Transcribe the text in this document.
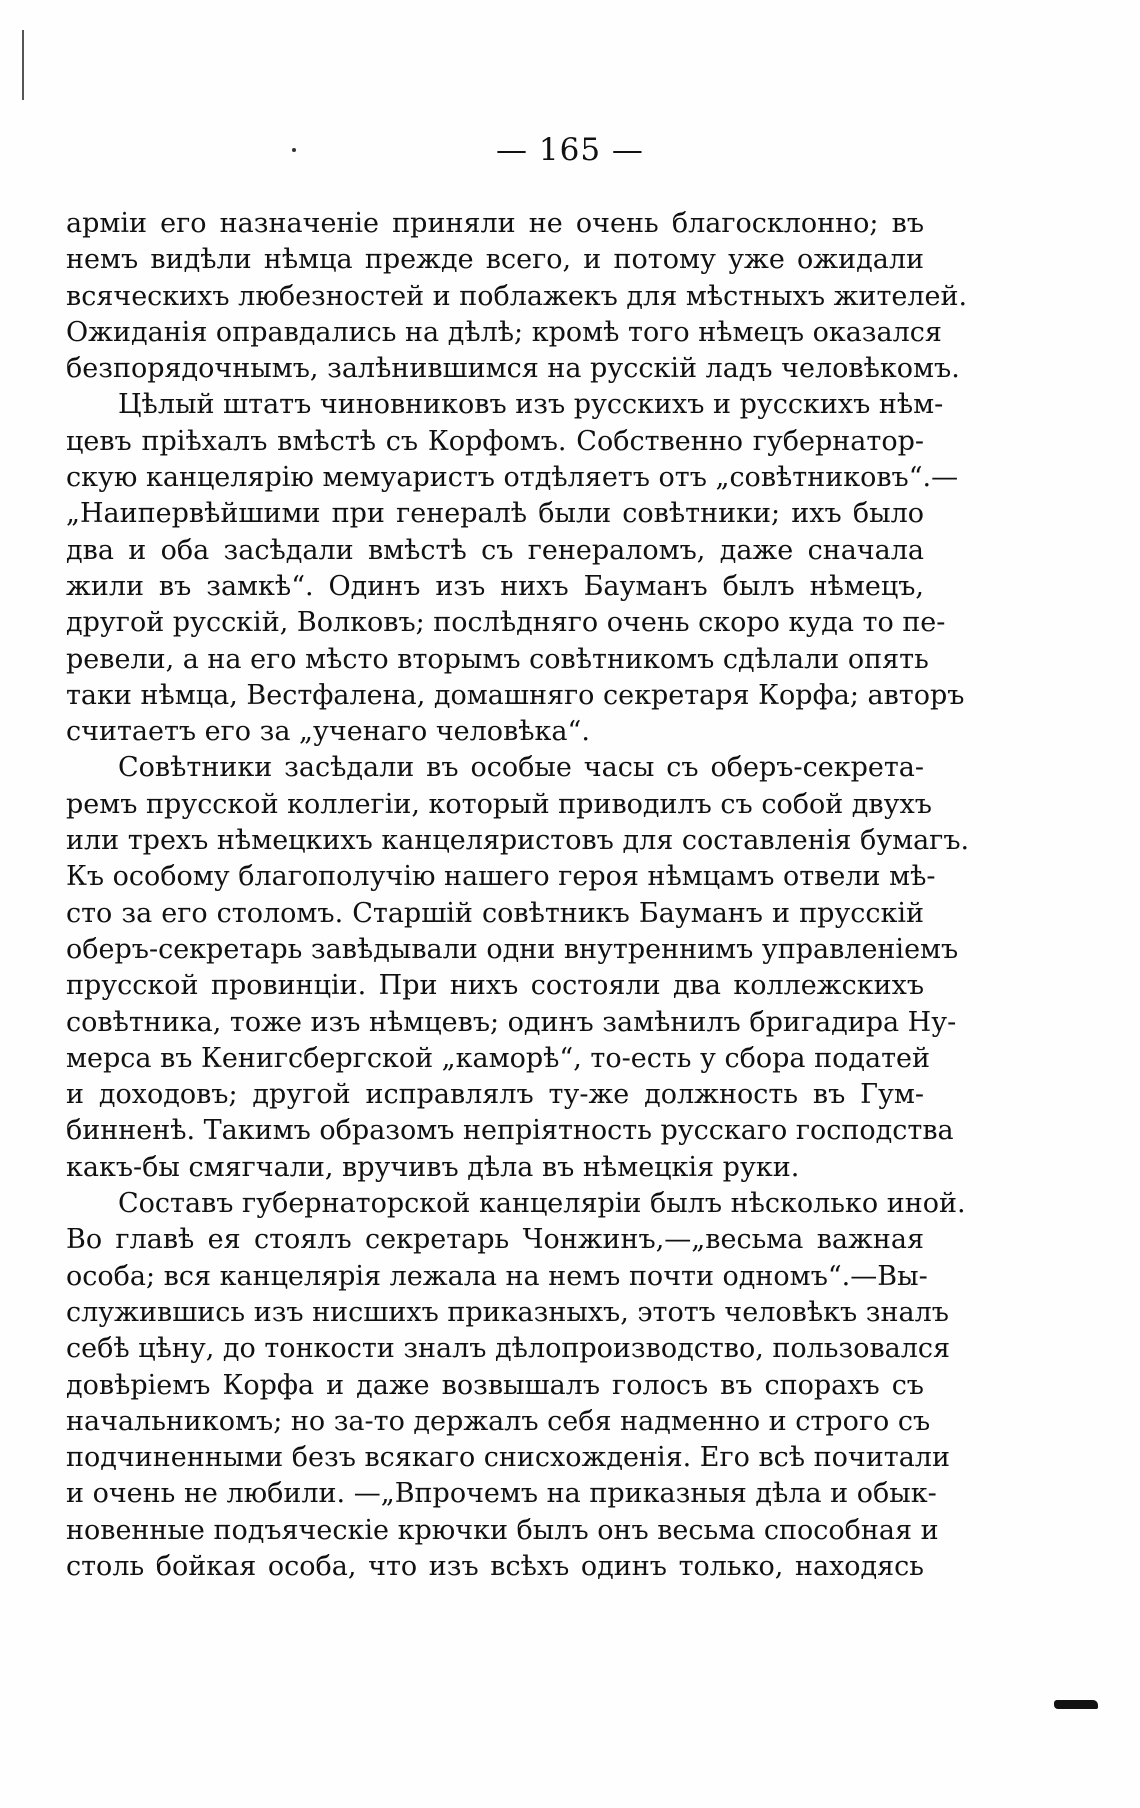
— 165 —
арміи его назначеніе приняли не очень благосклонно; въ
немъ видѣли нѣмца прежде всего, и потому уже ожидали
всяческихъ любезностей и поблажекъ для мѣстныхъ жителей.
Ожиданія оправдались на дѣлѣ; кромѣ того нѣмецъ оказался
безпорядочнымъ, залѣнившимся на русскій ладъ человѣкомъ.
Цѣлый штатъ чиновниковъ изъ русскихъ и русскихъ нѣм-
цевъ пріѣхалъ вмѣстѣ съ Корфомъ. Собственно губернатор-
скую канцелярію мемуаристъ отдѣляетъ отъ „совѣтниковъ“.—
„Наипервѣйшими при генералѣ были совѣтники; ихъ было
два и оба засѣдали вмѣстѣ съ генераломъ, даже сначала
жили въ замкѣ“. Одинъ изъ нихъ Бауманъ былъ нѣмецъ,
другой русскій, Волковъ; послѣдняго очень скоро куда то пе-
ревели, а на его мѣсто вторымъ совѣтникомъ сдѣлали опять
таки нѣмца, Вестфалена, домашняго секретаря Корфа; авторъ
считаетъ его за „ученаго человѣка“.
Совѣтники засѣдали въ особые часы съ оберъ-секрета-
ремъ прусской коллегіи, который приводилъ съ собой двухъ
или трехъ нѣмецкихъ канцеляристовъ для составленія бумагъ.
Къ особому благополучію нашего героя нѣмцамъ отвели мѣ-
сто за его столомъ. Старшій совѣтникъ Бауманъ и прусскій
оберъ-секретарь завѣдывали одни внутреннимъ управленіемъ
прусской провинціи. При нихъ состояли два коллежскихъ
совѣтника, тоже изъ нѣмцевъ; одинъ замѣнилъ бригадира Ну-
мерса въ Кенигсбергской „каморѣ“, то-есть у сбора податей
и доходовъ; другой исправлялъ ту-же должность въ Гум-
бинненѣ. Такимъ образомъ непріятность русскаго господства
какъ-бы смягчали, вручивъ дѣла въ нѣмецкія руки.
Составъ губернаторской канцеляріи былъ нѣсколько иной.
Во главѣ ея стоялъ секретарь Чонжинъ,—„весьма важная
особа; вся канцелярія лежала на немъ почти одномъ“.—Вы-
служившись изъ нисшихъ приказныхъ, этотъ человѣкъ зналъ
себѣ цѣну, до тонкости зналъ дѣлопроизводство, пользовался
довѣріемъ Корфа и даже возвышалъ голосъ въ спорахъ съ
начальникомъ; но за-то держалъ себя надменно и строго съ
подчиненными безъ всякаго снисхожденія. Его всѣ почитали
и очень не любили. —„Впрочемъ на приказныя дѣла и обык-
новенные подъяческіе крючки былъ онъ весьма способная и
столь бойкая особа, что изъ всѣхъ одинъ только, находясь
